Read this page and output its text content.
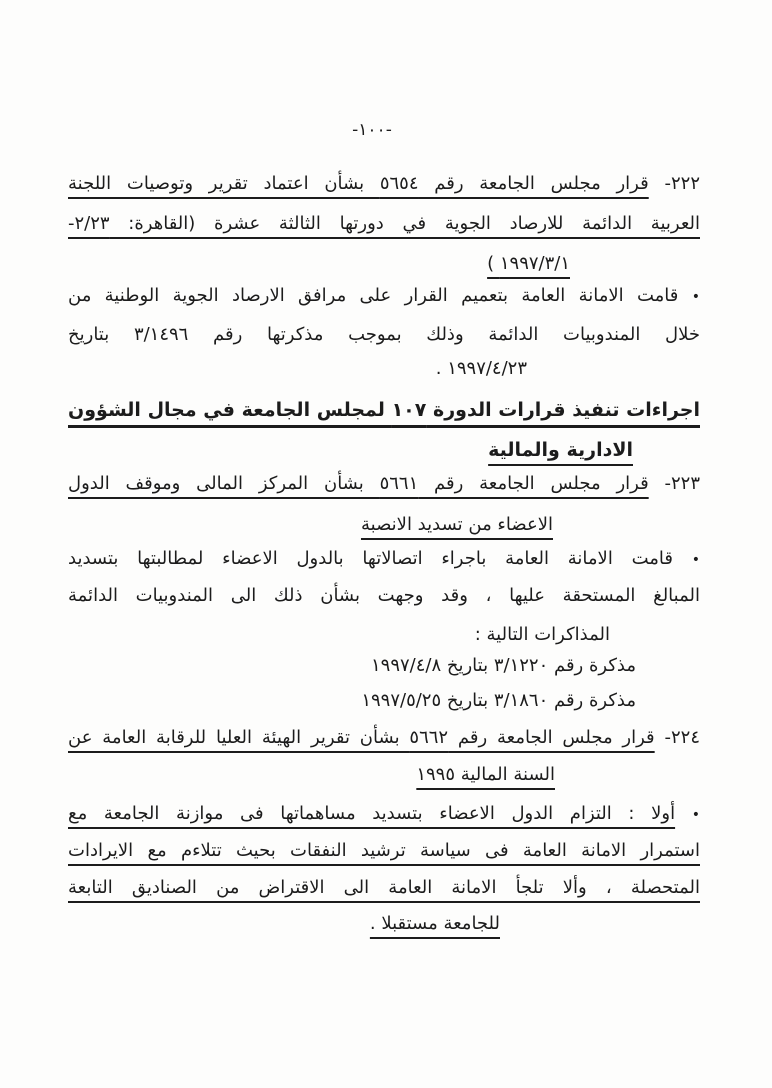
-١٠٠-
٢٢٢- قرار مجلس الجامعة رقم ٥٦٥٤ بشأن اعتماد تقرير وتوصيات اللجنة
العربية الدائمة للارصاد الجوية في دورتها الثالثة عشرة (القاهرة: ٢/٢٣-
١٩٩٧/٣/١ )
• قامت الامانة العامة بتعميم القرار على مرافق الارصاد الجوية الوطنية من
خلال المندوبيات الدائمة وذلك بموجب مذكرتها رقم ٣/١٤٩٦ بتاريخ
١٩٩٧/٤/٢٣ .
اجراءات تنفيذ قرارات الدورة ١٠٧ لمجلس الجامعة في مجال الشؤون
الادارية والمالية
٢٢٣- قرار مجلس الجامعة رقم ٥٦٦١ بشأن المركز المالى وموقف الدول
الاعضاء من تسديد الانصبة
• قامت الامانة العامة باجراء اتصالاتها بالدول الاعضاء لمطالبتها بتسديد
المبالغ المستحقة عليها ، وقد وجهت بشأن ذلك الى المندوبيات الدائمة
المذاكرات التالية :
مذكرة رقم ٣/١٢٢٠ بتاريخ ١٩٩٧/٤/٨
مذكرة رقم ٣/١٨٦٠ بتاريخ ١٩٩٧/٥/٢٥
٢٢٤- قرار مجلس الجامعة رقم ٥٦٦٢ بشأن تقرير الهيئة العليا للرقابة العامة عن
السنة المالية ١٩٩٥
• أولا : التزام الدول الاعضاء بتسديد مساهماتها فى موازنة الجامعة مع
استمرار الامانة العامة فى سياسة ترشيد النفقات بحيث تتلاءم مع الايرادات
المتحصلة ، وألا تلجأ الامانة العامة الى الاقتراض من الصناديق التابعة
للجامعة مستقبلا .
